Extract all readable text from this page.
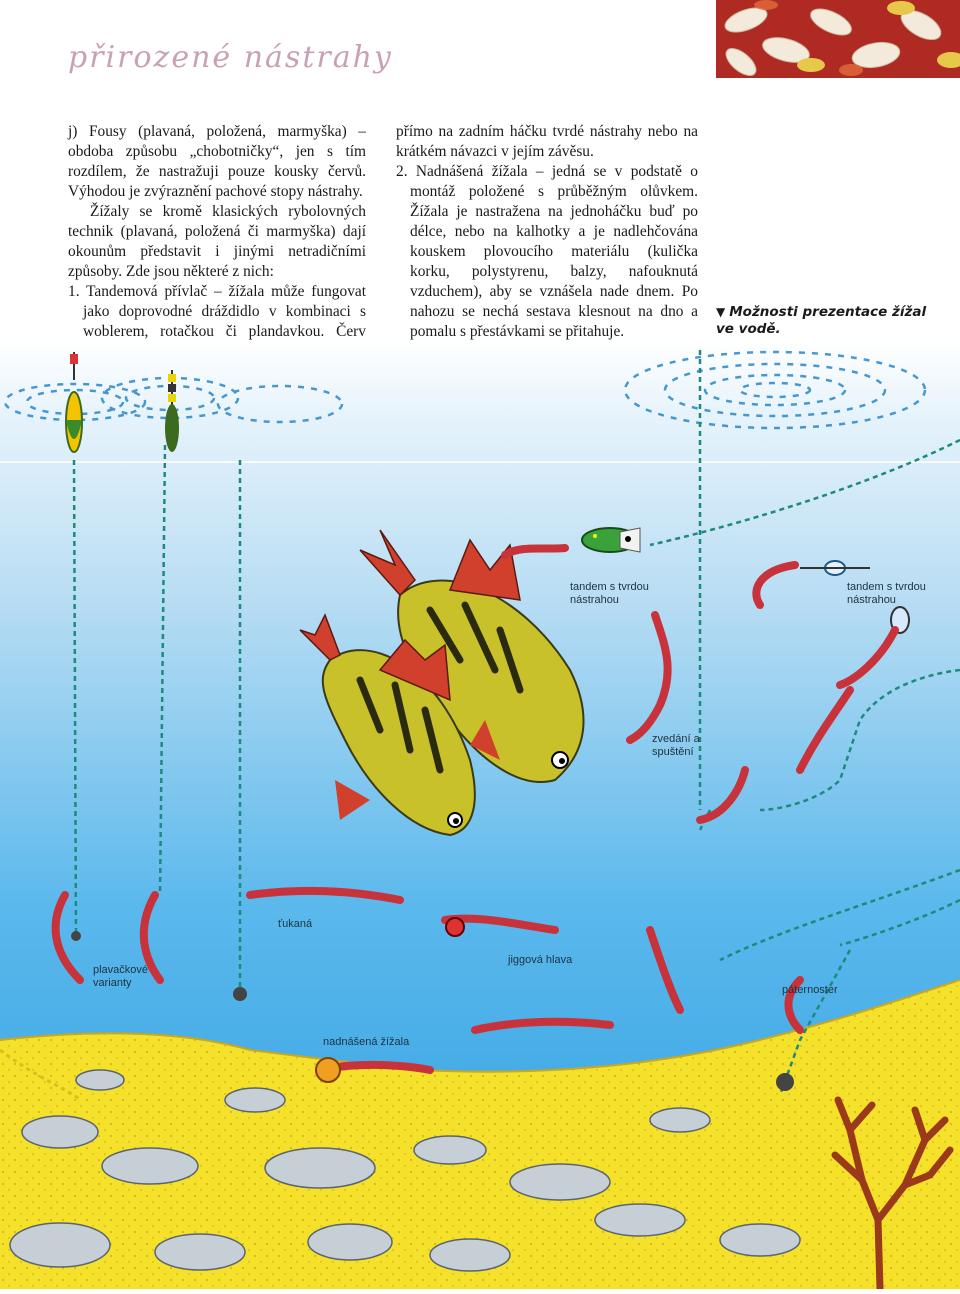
přirozené nástrahy

j) Fousy (plavaná, položená, marmyška) – obdoba způsobu „chobotničky“, jen s tím rozdílem, že nastražuji pouze kousky červů. Výhodou je zvýraznění pachové stopy nástrahy.

Žížaly se kromě klasických rybolovných technik (plavaná, položená či marmyška) dají okounům představit i jinými netradičními způsoby. Zde jsou některé z nich:

1. Tandemová přívlač – žížala může fungovat jako doprovodné dráždidlo v kombinaci s woblerem, rotačkou či plandavkou. Červ

přímo na zadním háčku tvrdé nástrahy nebo na krátkém návazci v jejím závěsu.

2. Nadnášená žížala – jedná se v podstatě o montáž položené s průběžným olůvkem. Žížala je nastražena na jednoháčku buď po délce, nebo na kalhotky a je nadlehčována kouskem plovoucího materiálu (kulička korku, polystyrenu, balzy, nafouknutá vzduchem), aby se vznášela nade dnem. Po nahozu se nechá sestava klesnout na dno a pomalu s přestávkami se přitahuje.

▼ Možnosti prezentace žížal ve vodě.
tandem s tvrdou nástrahou
tandem s tvrdou nástrahou
zvedání a spuštění
ťukaná
plavačkové varianty
jiggová hlava
páternoster
nadnášená žížala
